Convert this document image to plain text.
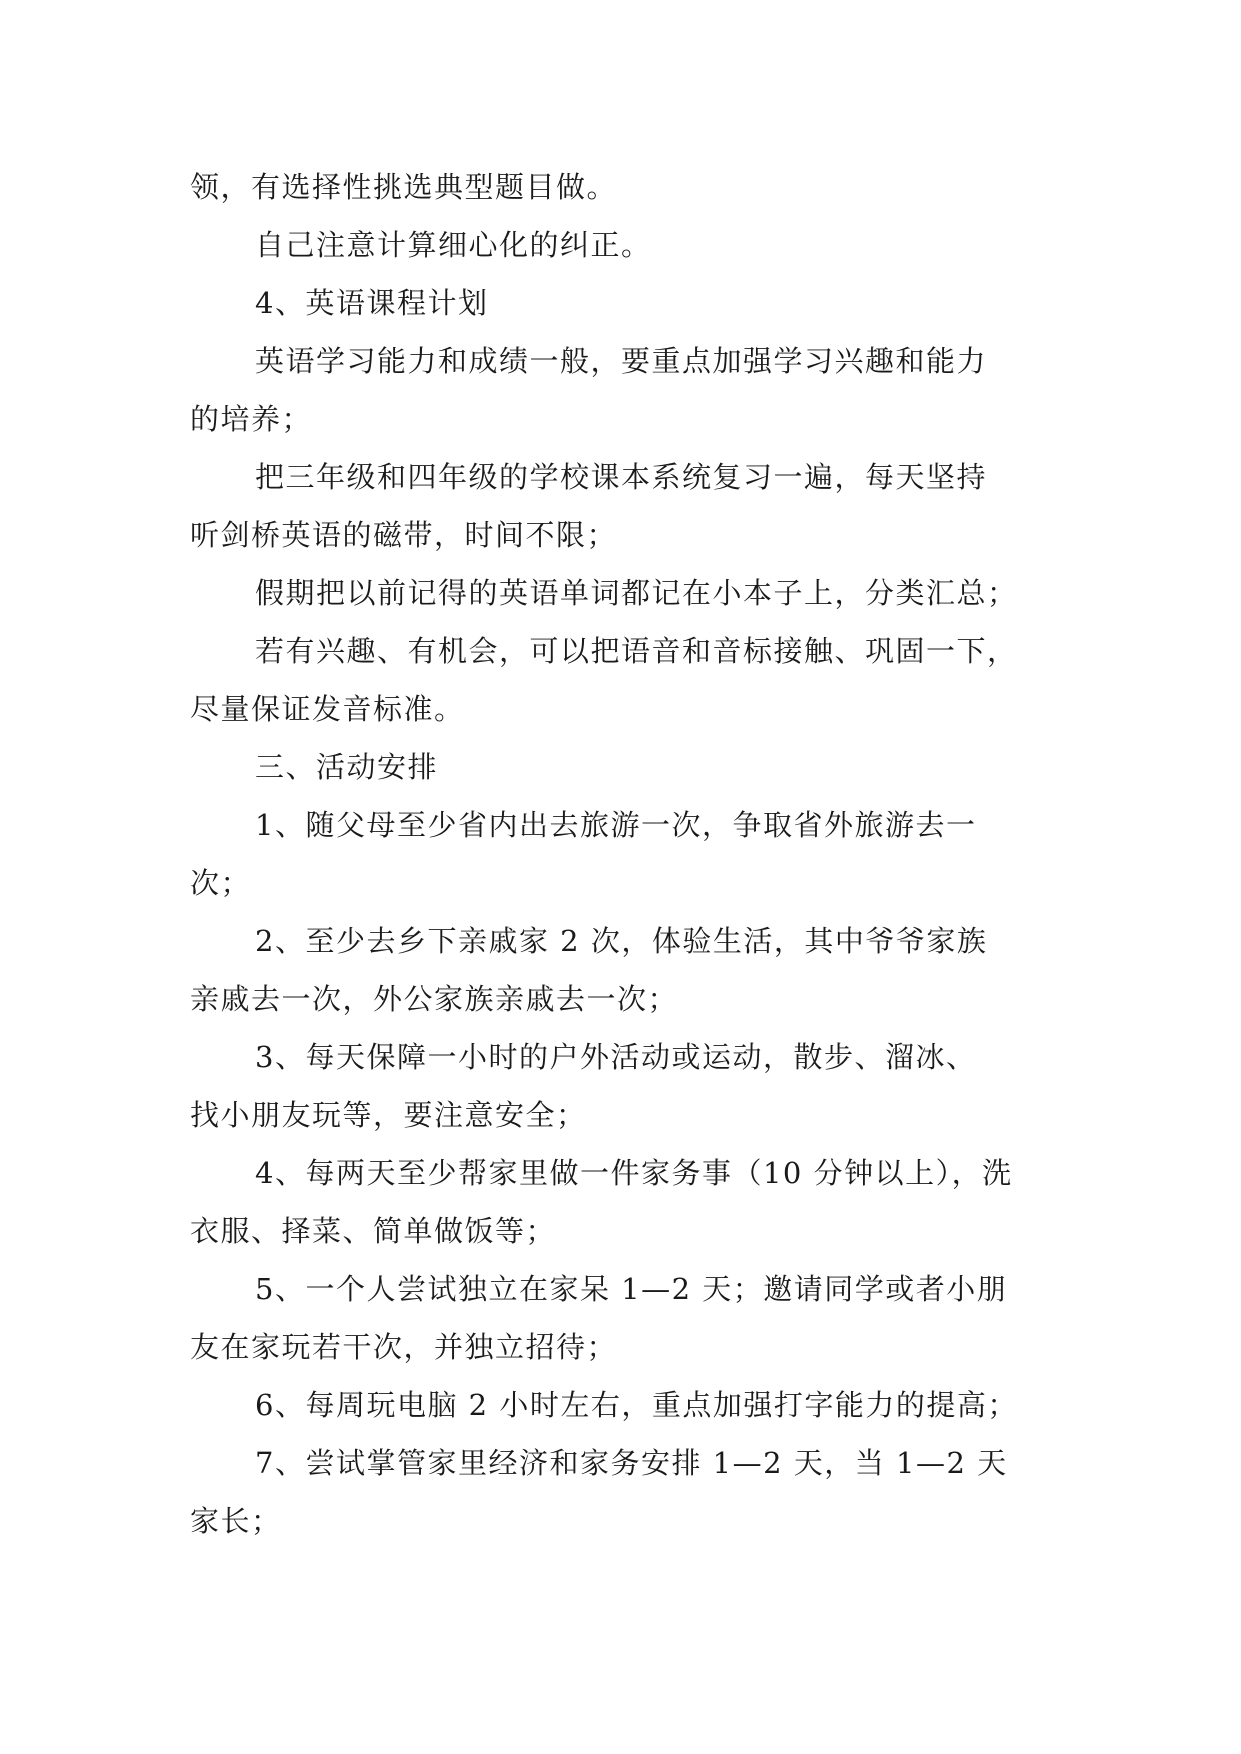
领，有选择性挑选典型题目做。
自己注意计算细心化的纠正。
4、英语课程计划
英语学习能力和成绩一般，要重点加强学习兴趣和能力
的培养；
把三年级和四年级的学校课本系统复习一遍，每天坚持
听剑桥英语的磁带，时间不限；
假期把以前记得的英语单词都记在小本子上，分类汇总；
若有兴趣、有机会，可以把语音和音标接触、巩固一下，
尽量保证发音标准。
三、活动安排
1、随父母至少省内出去旅游一次，争取省外旅游去一
次；
2、至少去乡下亲戚家 2 次，体验生活，其中爷爷家族
亲戚去一次，外公家族亲戚去一次；
3、每天保障一小时的户外活动或运动，散步、溜冰、
找小朋友玩等，要注意安全；
4、每两天至少帮家里做一件家务事（10 分钟以上），洗
衣服、择菜、简单做饭等；
5、一个人尝试独立在家呆 1—2 天；邀请同学或者小朋
友在家玩若干次，并独立招待；
6、每周玩电脑 2 小时左右，重点加强打字能力的提高；
7、尝试掌管家里经济和家务安排 1—2 天，当 1—2 天
家长；
